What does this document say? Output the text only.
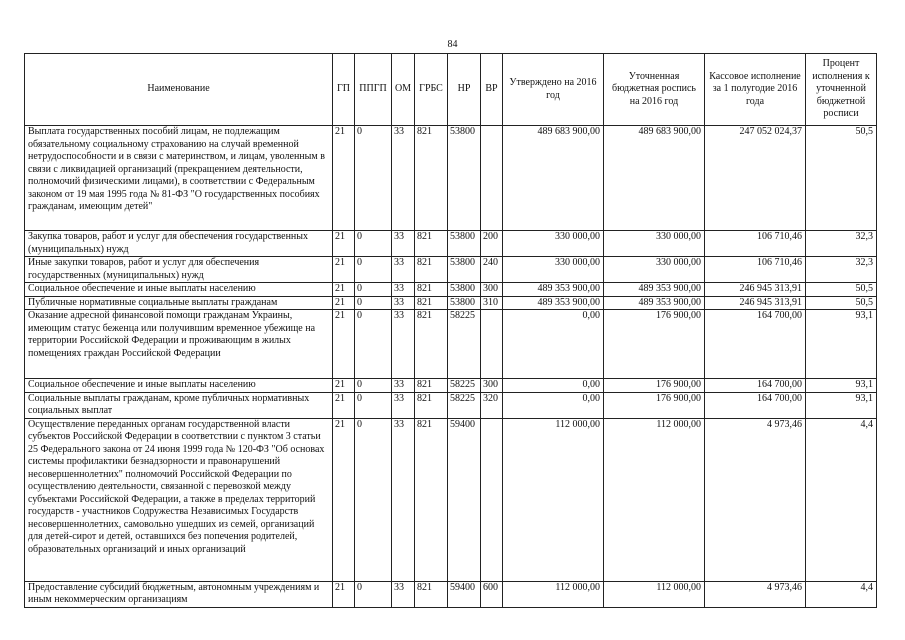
84
Наименование	ГП	ППГП	ОМ	ГРБС	НР	ВР	Утверждено на 2016 год	Уточненная бюджетная роспись на 2016 год	Кассовое исполнение за 1 полугодие 2016 года	Процент исполнения к уточненной бюджетной росписи
Выплата государственных пособий лицам, не подлежащим обязательному социальному страхованию на случай временной нетрудоспособности и в связи с материнством, и лицам, уволенным в связи с ликвидацией организаций (прекращением деятельности, полномочий физическими лицами), в соответствии с Федеральным законом от 19 мая 1995 года № 81-ФЗ "О государственных пособиях гражданам, имеющим детей"	21	0	33	821	53800		489 683 900,00	489 683 900,00	247 052 024,37	50,5
Закупка товаров, работ и услуг для обеспечения государственных (муниципальных) нужд	21	0	33	821	53800	200	330 000,00	330 000,00	106 710,46	32,3
Иные закупки товаров, работ и услуг для обеспечения государственных (муниципальных) нужд	21	0	33	821	53800	240	330 000,00	330 000,00	106 710,46	32,3
Социальное обеспечение и иные выплаты населению	21	0	33	821	53800	300	489 353 900,00	489 353 900,00	246 945 313,91	50,5
Публичные нормативные социальные выплаты гражданам	21	0	33	821	53800	310	489 353 900,00	489 353 900,00	246 945 313,91	50,5
Оказание адресной финансовой помощи гражданам Украины, имеющим статус беженца или получившим временное убежище на территории Российской Федерации и проживающим в жилых помещениях граждан Российской Федерации	21	0	33	821	58225		0,00	176 900,00	164 700,00	93,1
Социальное обеспечение и иные выплаты населению	21	0	33	821	58225	300	0,00	176 900,00	164 700,00	93,1
Социальные выплаты гражданам, кроме публичных нормативных социальных выплат	21	0	33	821	58225	320	0,00	176 900,00	164 700,00	93,1
Осуществление переданных органам государственной власти субъектов Российской Федерации в соответствии с пунктом 3 статьи 25 Федерального закона от 24 июня 1999 года № 120-ФЗ "Об основах системы профилактики безнадзорности и правонарушений несовершеннолетних" полномочий Российской Федерации по осуществлению деятельности, связанной с перевозкой между субъектами Российской Федерации, а также в пределах территорий государств - участников Содружества Независимых Государств несовершеннолетних, самовольно ушедших из семей, организаций для детей-сирот и детей, оставшихся без попечения родителей, образовательных организаций и иных организаций	21	0	33	821	59400		112 000,00	112 000,00	4 973,46	4,4
Предоставление субсидий бюджетным, автономным учреждениям и иным некоммерческим организациям	21	0	33	821	59400	600	112 000,00	112 000,00	4 973,46	4,4
